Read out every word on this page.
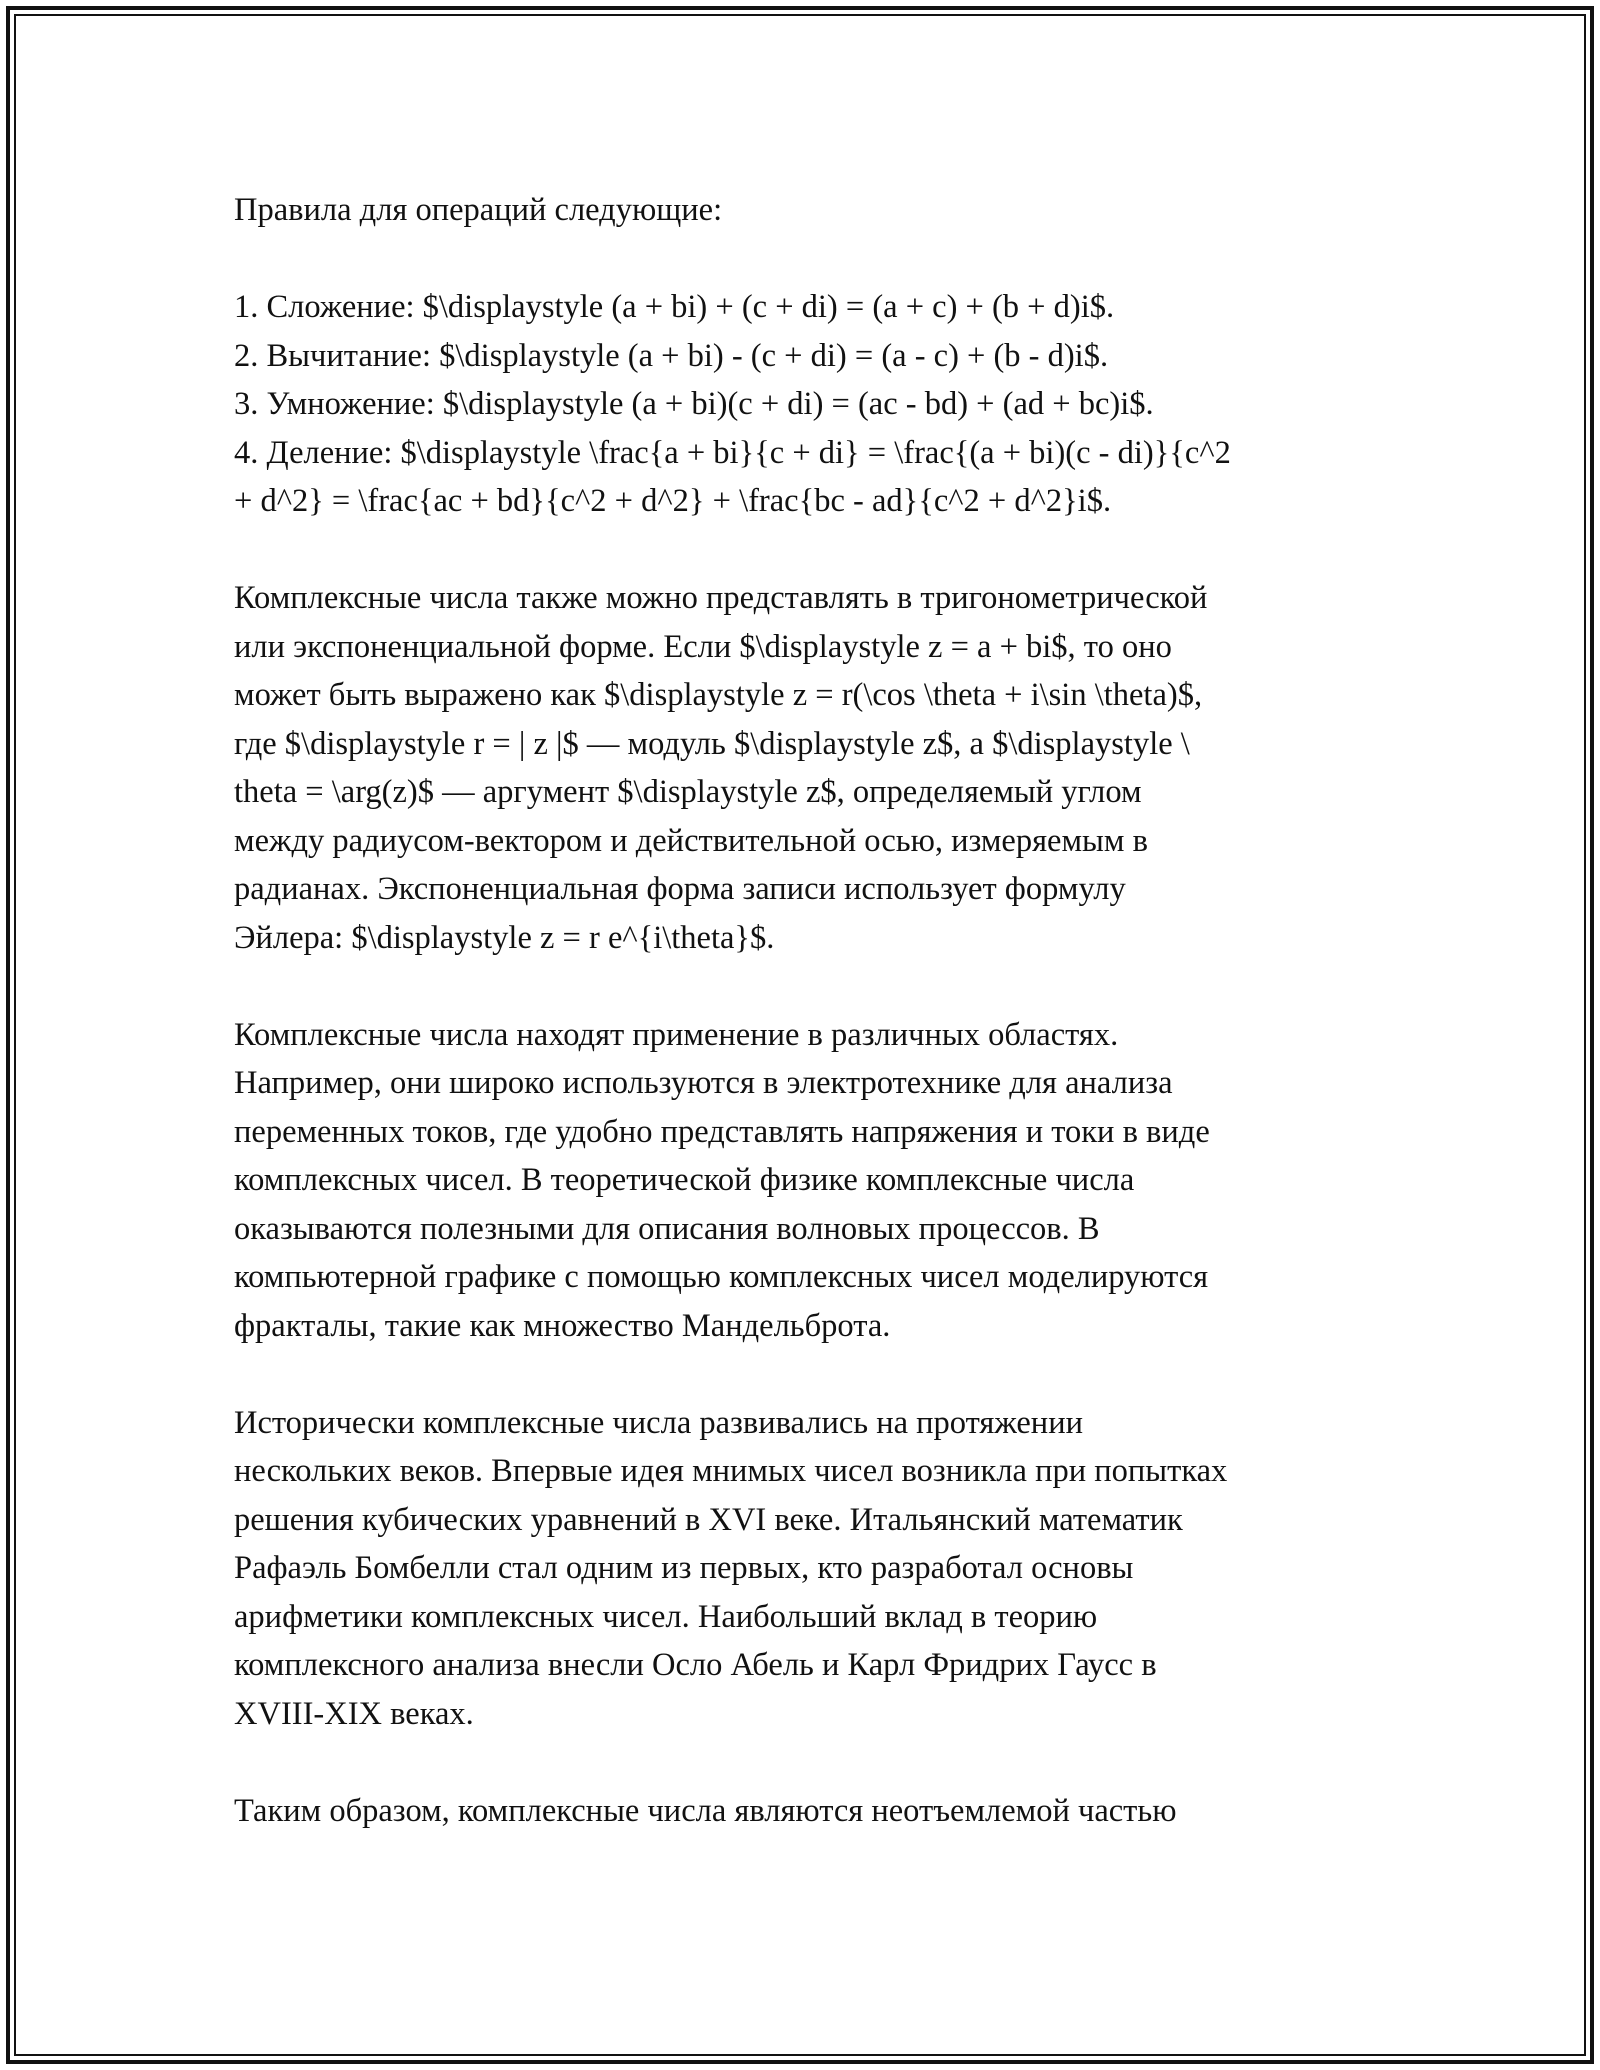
Правила для операций следующие:

1. Сложение: $\displaystyle (a + bi) + (c + di) = (a + c) + (b + d)i$.
2. Вычитание: $\displaystyle (a + bi) - (c + di) = (a - c) + (b - d)i$.
3. Умножение: $\displaystyle (a + bi)(c + di) = (ac - bd) + (ad + bc)i$.
4. Деление: $\displaystyle \frac{a + bi}{c + di} = \frac{(a + bi)(c - di)}{c^2
+ d^2} = \frac{ac + bd}{c^2 + d^2} + \frac{bc - ad}{c^2 + d^2}i$.

Комплексные числа также можно представлять в тригонометрической
или экспоненциальной форме. Если $\displaystyle z = a + bi$, то оно
может быть выражено как $\displaystyle z = r(\cos \theta + i\sin \theta)$,
где $\displaystyle r = | z |$ — модуль $\displaystyle z$, а $\displaystyle \
theta = \arg(z)$ — аргумент $\displaystyle z$, определяемый углом
между радиусом-вектором и действительной осью, измеряемым в
радианах. Экспоненциальная форма записи использует формулу
Эйлера: $\displaystyle z = r e^{i\theta}$.

Комплексные числа находят применение в различных областях.
Например, они широко используются в электротехнике для анализа
переменных токов, где удобно представлять напряжения и токи в виде
комплексных чисел. В теоретической физике комплексные числа
оказываются полезными для описания волновых процессов. В
компьютерной графике с помощью комплексных чисел моделируются
фракталы, такие как множество Мандельброта.

Исторически комплексные числа развивались на протяжении
нескольких веков. Впервые идея мнимых чисел возникла при попытках
решения кубических уравнений в XVI веке. Итальянский математик
Рафаэль Бомбелли стал одним из первых, кто разработал основы
арифметики комплексных чисел. Наибольший вклад в теорию
комплексного анализа внесли Осло Абель и Карл Фридрих Гаусс в
XVIII-XIX веках.

Таким образом, комплексные числа являются неотъемлемой частью
